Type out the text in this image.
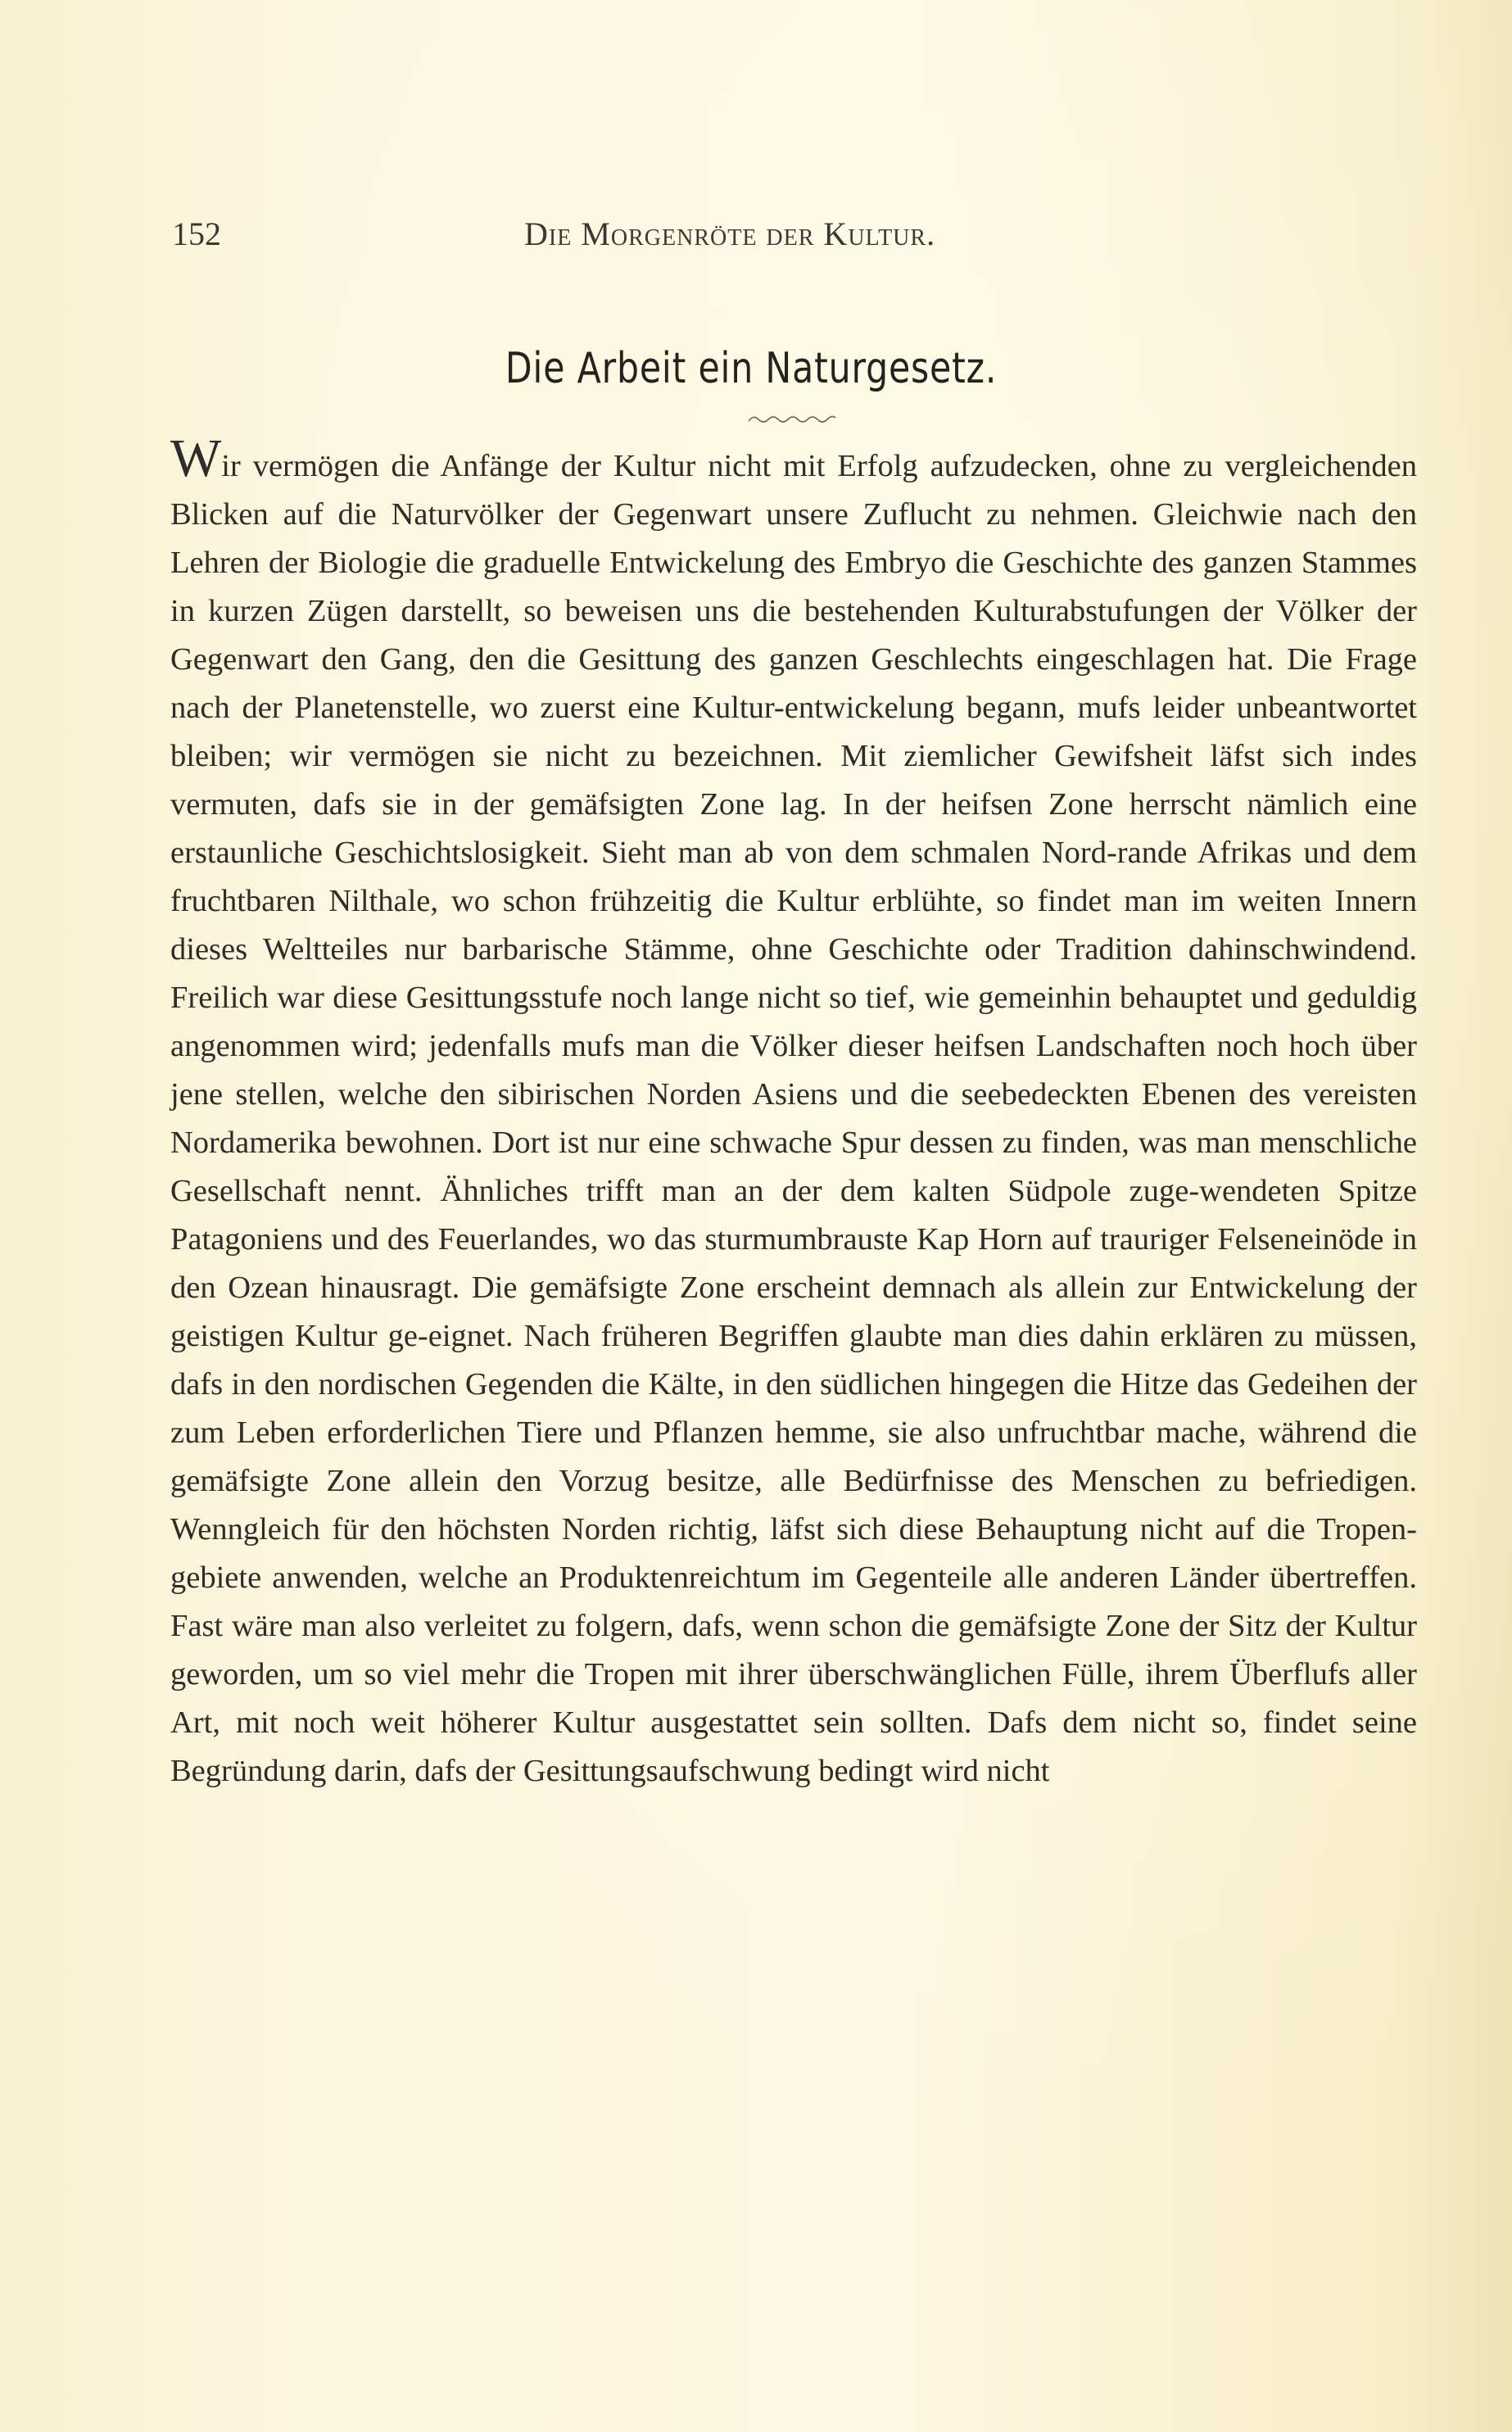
152	Die Morgenröte der Kultur.
Die Arbeit ein Naturgesetz.

Wir vermögen die Anfänge der Kultur nicht mit Erfolg aufzudecken, ohne zu vergleichenden Blicken auf die Naturvölker der Gegenwart unsere Zuflucht zu nehmen. Gleichwie nach den Lehren der Biologie die graduelle Entwickelung des Embryo die Geschichte des ganzen Stammes in kurzen Zügen darstellt, so beweisen uns die bestehenden Kulturabstufungen der Völker der Gegenwart den Gang, den die Gesittung des ganzen Geschlechts eingeschlagen hat. Die Frage nach der Planetenstelle, wo zuerst eine Kultur-entwickelung begann, mufs leider unbeantwortet bleiben; wir vermögen sie nicht zu bezeichnen. Mit ziemlicher Gewifsheit läfst sich indes vermuten, dafs sie in der gemäfsigten Zone lag. In der heifsen Zone herrscht nämlich eine erstaunliche Geschichtslosigkeit. Sieht man ab von dem schmalen Nord-rande Afrikas und dem fruchtbaren Nilthale, wo schon frühzeitig die Kultur erblühte, so findet man im weiten Innern dieses Weltteiles nur barbarische Stämme, ohne Geschichte oder Tradition dahinschwindend. Freilich war diese Gesittungsstufe noch lange nicht so tief, wie gemeinhin behauptet und geduldig angenommen wird; jedenfalls mufs man die Völker dieser heifsen Landschaften noch hoch über jene stellen, welche den sibirischen Norden Asiens und die seebedeckten Ebenen des vereisten Nordamerika bewohnen. Dort ist nur eine schwache Spur dessen zu finden, was man menschliche Gesellschaft nennt. Ähnliches trifft man an der dem kalten Südpole zuge-wendeten Spitze Patagoniens und des Feuerlandes, wo das sturmumbrauste Kap Horn auf trauriger Felseneinöde in den Ozean hinausragt. Die gemäfsigte Zone erscheint demnach als allein zur Entwickelung der geistigen Kultur ge-eignet. Nach früheren Begriffen glaubte man dies dahin erklären zu müssen, dafs in den nordischen Gegenden die Kälte, in den südlichen hingegen die Hitze das Gedeihen der zum Leben erforderlichen Tiere und Pflanzen hemme, sie also unfruchtbar mache, während die gemäfsigte Zone allein den Vorzug besitze, alle Bedürfnisse des Menschen zu befriedigen. Wenngleich für den höchsten Norden richtig, läfst sich diese Behauptung nicht auf die Tropen-gebiete anwenden, welche an Produktenreichtum im Gegenteile alle anderen Länder übertreffen. Fast wäre man also verleitet zu folgern, dafs, wenn schon die gemäfsigte Zone der Sitz der Kultur geworden, um so viel mehr die Tropen mit ihrer überschwänglichen Fülle, ihrem Überflufs aller Art, mit noch weit höherer Kultur ausgestattet sein sollten. Dafs dem nicht so, findet seine Begründung darin, dafs der Gesittungsaufschwung bedingt wird nicht
